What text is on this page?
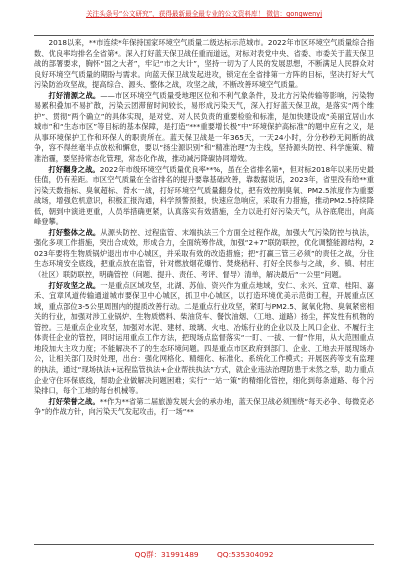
关注头条号“公文研究”，获得最新最全最专业的公文资料库！ 微信：gongwenyj

2018以来，**市连续*年保持国家环境空气质量二级达标示范城市。2022年市区环境空气质量综合指数、优良率均排名全省第*。深入打好蓝天保卫战任重而道远，对标对表党中央、省委、市委关于蓝天保卫战的部署要求，胸怀“国之大者”，牢记“市之大计”，坚持一切为了人民的发展思想，不断满足人民群众对良好环境空气质量的期盼与需求。向蓝天保卫战发起进攻，锁定在全省排第一方阵的目标，坚决打好大气污染防治攻坚战，提高综合、源头、整体之战，攻坚之战，不断改善环境空气质量。

打好清源之战。——市区环境空气质量受地理区位和不利气象条件，及北方污染传输等影响，污染物易累积叠加不易扩散，污染云团滞留时间较长，易形成污染天气，深入打好蓝天保卫战，是落实“两个维护”、贯彻“两个确立”的具体实现，是对党、对人民负责的重要检验和标准，是加快建设成“美丽宜居山水城市”和“生态市区”等目标的基本保障，是打造“***重要增长极”中“环境保护高标准”的题中应有之义，是从事环境保护工作和环保人的职责所在。蓝天保卫战是一年365天，一天24小时，分分秒秒无间断的战争，容不得丝毫半点放松和懈怠，要以“扬尘源识别”和“精准治理”为主线，坚持源头防控、科学施策、精准治霾，要坚持常态化管理，常态化作战，推动减污降碳协同增效。

打好翻身之战。2022年市级环境空气质量优良率**%，虽在全省排名第*，但对标2018年以来历史最佳值，仍有差距。市区空气质量在全省排名的提升要靠基础改善，靠数据说话，2023年，省里没有给**重污染天数指标、臭氧超标、背水一战，打好环境空气质量翻身仗，把有效控制臭氧、PM2.5浓度作为重要战场，增强危机意识，积极汇报沟通，科学预警预报，快速应急响应，采取有力措施，推动PM2.5持续降低，朝到中演进更重，人员举措确更紧，认真落实有效措施，全力以赴打好污染天气，从谷底爬出，向高峰登攀。

打好整体之战。从源头防控、过程监管、末端执法三个方面全过程作战，加强大气污染防控与执法，强化多项工作措施，突出合成效，形成合力，全面统筹作战，加强“2+7”联防联控，优化调整能源结构，2023年要将生物质锅炉退出市中心城区，并采取有效的改造措施；把“打赢三管三必须”的责任之战，分住生态环境安全底线，把重点放在监管，针对燃放烟花爆竹、焚烧秸秆、打好全民参与之战，乡、镇、村庄（社区）联防联控，明确管控（问题、提升、责任、考评、督导）清单，解决最后“一公里”问题。

打好攻坚之战。一是重点区域攻坚，北湖、苏仙、资兴作为重点地域，安仁、永兴、宜章、桂阳、嘉禾、宜章风道传输通道城市要保卫中心城区，抓卫中心城区，以打造环境优美示范街工程，开展重点区域，重点部位3-5公里周围内的提质改善行动。二是重点行业攻坚，紧盯与PM2.5、氮氧化物、臭氧紧密相关的行业，加强对涉工业锅炉、生物质燃料、柴油货车、餐饮油烟、（工地、道路）扬尘，挥发性有机物的管控。三是重点企业攻坚，加强对水泥、建材、玻璃、火电、冶炼行业的企业以及上风口企业、不履行主体责任企业的管控，同时运用重点工作方法，把现场点监督落实“一盯、一拔、一督”作用，从大范围重点地段加大主攻力度；不能解决不了的生态环境问题。四是重点市区政府到部门、企业、工地去开展现场办公，让相关部门及时处理，出台：强化网格化、精细化、标准化、系统化工作模式；开展医药等支有监理的执法，通过“现场执法+远程监管执法+企业帮扶执法”方式，就企业违法治理防患于未然之举，助力重点企业守住环保底线，帮助企业做解决问题困难；实行“一站一策”的精细化管控，细化到每条道路、每个污染排口，每个工地的每台机械等。

打好荣誉之战。**作为**省第二届旅游发展大会的承办地，蓝天保卫战必须围绕“每天必争、每微克必争”的作战方针，向污染天气发起攻击，打一场“**

QQ群：31991489 QQ:535304092
